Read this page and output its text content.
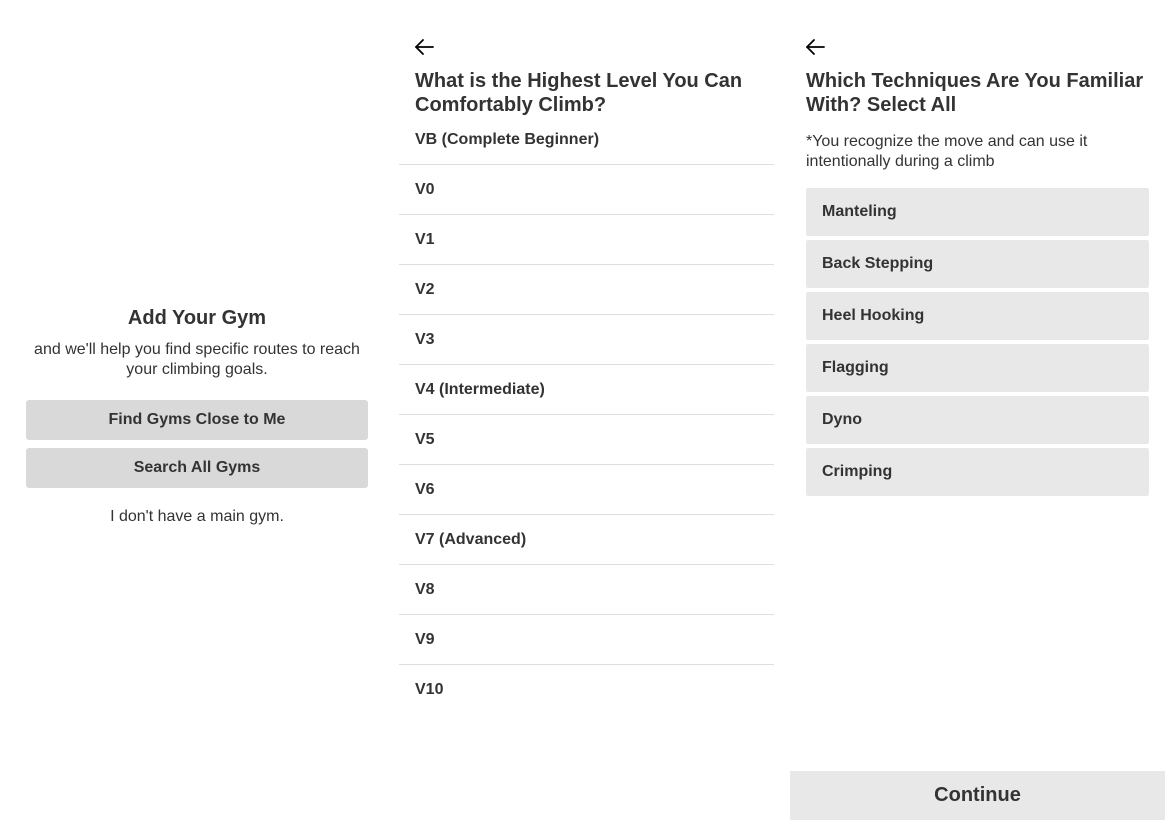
Add Your Gym
and we'll help you find specific routes to reach your climbing goals.
Find Gyms Close to Me
Search All Gyms
I don't have a main gym.
What is the Highest Level You Can Comfortably Climb?
VB (Complete Beginner)
V0
V1
V2
V3
V4 (Intermediate)
V5
V6
V7 (Advanced)
V8
V9
V10
Which Techniques Are You Familiar With? Select All
*You recognize the move and can use it intentionally during a climb
Manteling
Back Stepping
Heel Hooking
Flagging
Dyno
Crimping
Continue
